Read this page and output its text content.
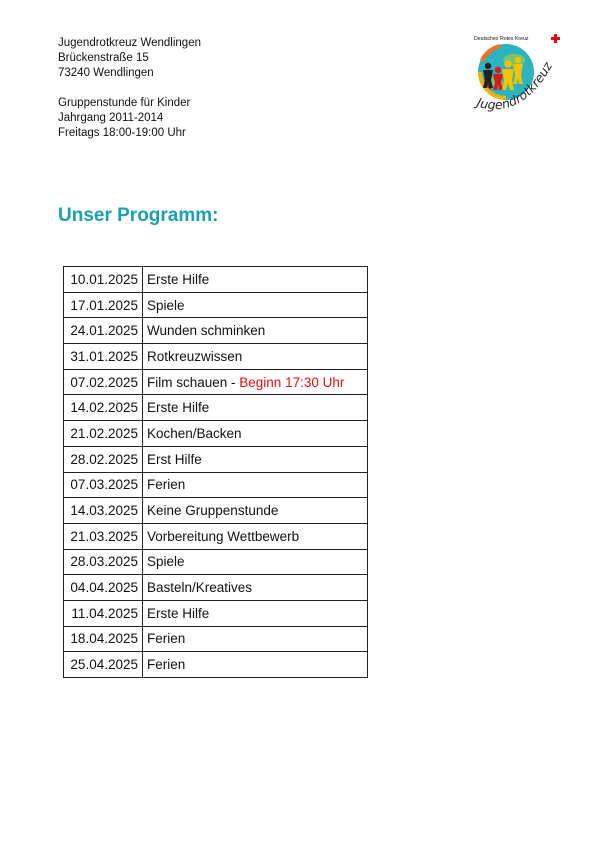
Jugendrotkreuz Wendlingen
Brückenstraße 15
73240 Wendlingen
Gruppenstunde für Kinder
Jahrgang 2011-2014
Freitags 18:00-19:00 Uhr
Deutsches Rotes Kreuz
Jugendrotkreuz
Unser Programm:
10.01.2025	Erste Hilfe
17.01.2025	Spiele
24.01.2025	Wunden schminken
31.01.2025	Rotkreuzwissen
07.02.2025	Film schauen - Beginn 17:30 Uhr
14.02.2025	Erste Hilfe
21.02.2025	Kochen/Backen
28.02.2025	Erst Hilfe
07.03.2025	Ferien
14.03.2025	Keine Gruppenstunde
21.03.2025	Vorbereitung Wettbewerb
28.03.2025	Spiele
04.04.2025	Basteln/Kreatives
11.04.2025	Erste Hilfe
18.04.2025	Ferien
25.04.2025	Ferien
